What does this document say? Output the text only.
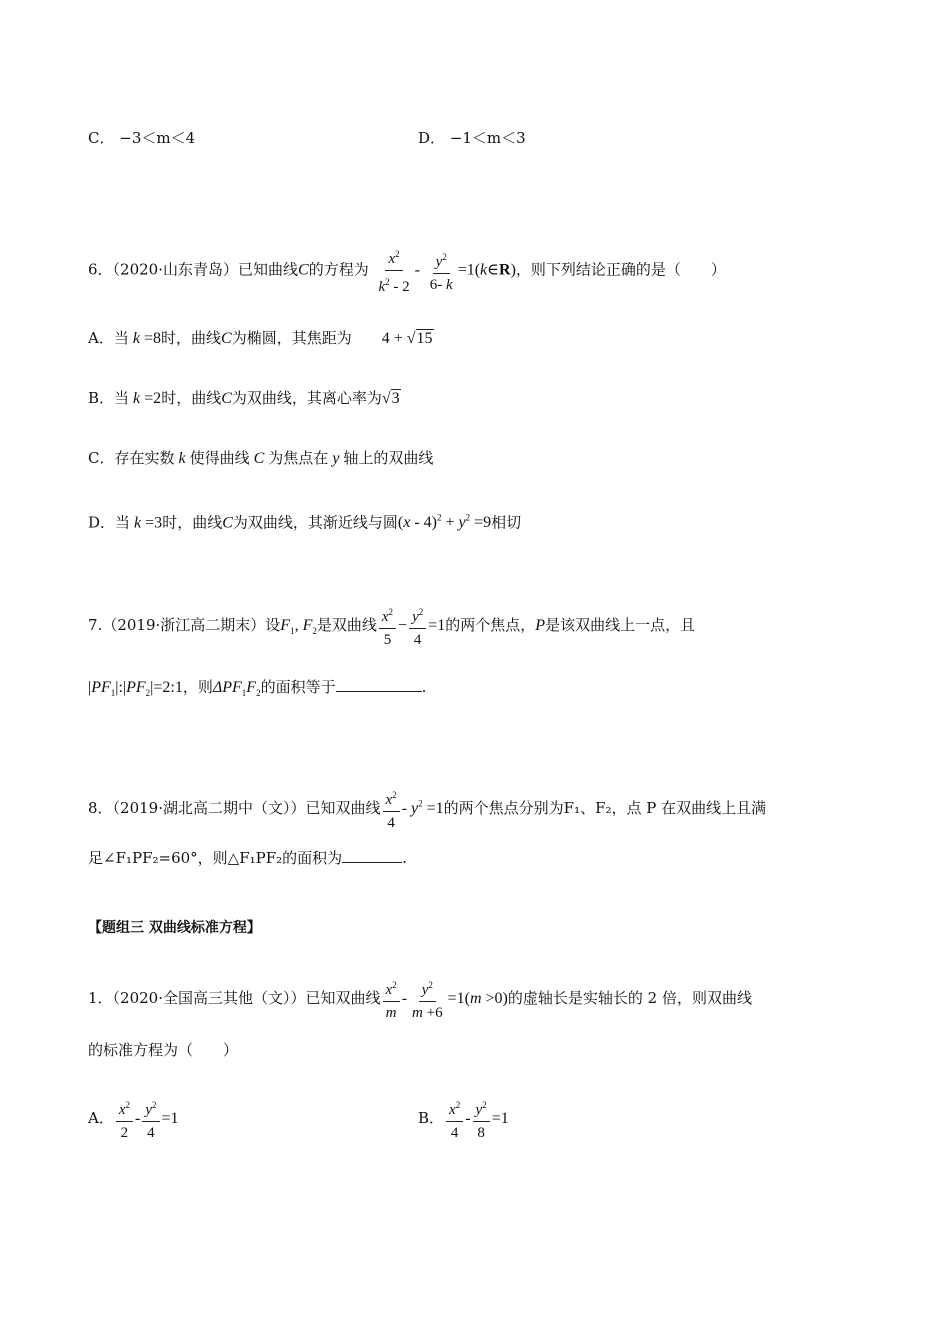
C． −3＜m＜4	D． −1＜m＜3
6．（2020·山东青岛）已知曲线C的方程为 $\frac{x^2}{k^2 - 2} - \frac{y^2}{6- k}$ =1(k∈R)，则下列结论正确的是（　　）
A．当 k =8时，曲线C为椭圆，其焦距为 4 + √15
B．当 k =2时，曲线C为双曲线，其离心率为√3
C．存在实数 k 使得曲线 C 为焦点在 y 轴上的双曲线
D．当 k =3时，曲线C为双曲线，其渐近线与圆$(x - 4)^2 + y^2 =9$相切
7.（2019·浙江高二期末）设$F_1$, $F_2$是双曲线 $\frac{x^2}{5} - \frac{y^2}{4} =1$的两个焦点，P是该双曲线上一点，且
$|PF_1|:|PF_2|=2:1$，则$\Delta PF_1F_2$的面积等于	.
8．（2019·湖北高二期中（文））已知双曲线 $\frac{x^2}{4} - y^2 =1$的两个焦点分别为F₁、F₂，点 P 在双曲线上且满
足∠F₁PF₂=60°，则△F₁PF₂的面积为	.
【题组三 双曲线标准方程】
1．（2020·全国高三其他（文））已知双曲线 $\frac{x^2}{m} - \frac{y^2}{m +6} =1(m >0)$的虚轴长是实轴长的 2 倍，则双曲线
的标准方程为（　　）
A． $\frac{x^2}{2} - \frac{y^2}{4} =1$	B． $\frac{x^2}{4} - \frac{y^2}{8} =1$
